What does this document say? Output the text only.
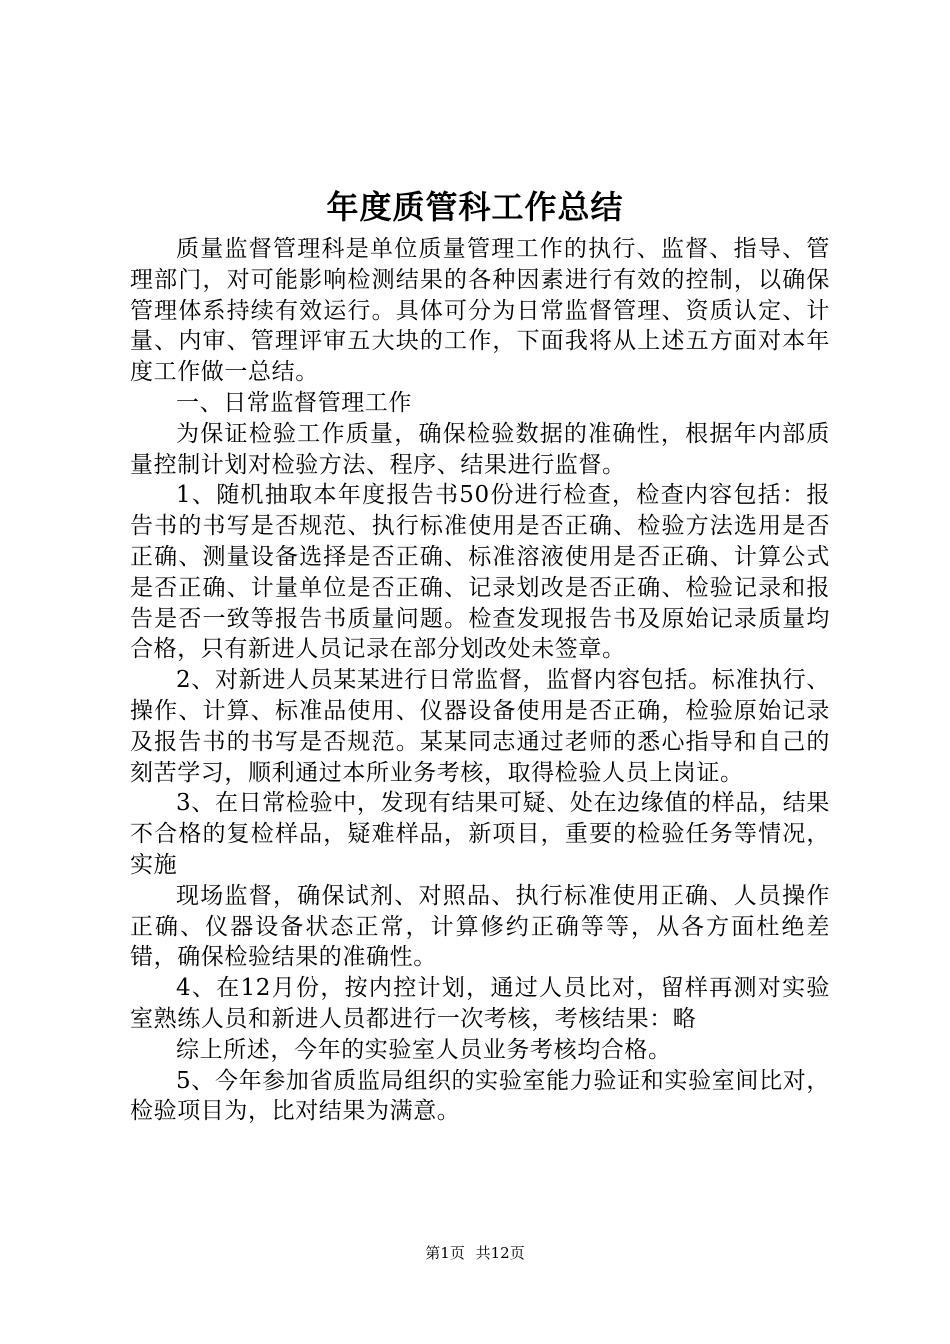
年度质管科工作总结

质量监督管理科是单位质量管理工作的执行、监督、指导、管理部门，对可能影响检测结果的各种因素进行有效的控制，以确保管理体系持续有效运行。具体可分为日常监督管理、资质认定、计量、内审、管理评审五大块的工作，下面我将从上述五方面对本年度工作做一总结。

一、日常监督管理工作

为保证检验工作质量，确保检验数据的准确性，根据年内部质量控制计划对检验方法、程序、结果进行监督。

1、随机抽取本年度报告书50份进行检查，检查内容包括：报告书的书写是否规范、执行标准使用是否正确、检验方法选用是否正确、测量设备选择是否正确、标准溶液使用是否正确、计算公式是否正确、计量单位是否正确、记录划改是否正确、检验记录和报告是否一致等报告书质量问题。检查发现报告书及原始记录质量均合格，只有新进人员记录在部分划改处未签章。

2、对新进人员某某进行日常监督，监督内容包括。标准执行、操作、计算、标准品使用、仪器设备使用是否正确，检验原始记录及报告书的书写是否规范。某某同志通过老师的悉心指导和自己的刻苦学习，顺利通过本所业务考核，取得检验人员上岗证。

3、在日常检验中，发现有结果可疑、处在边缘值的样品，结果不合格的复检样品，疑难样品，新项目，重要的检验任务等情况，实施

现场监督，确保试剂、对照品、执行标准使用正确、人员操作正确、仪器设备状态正常，计算修约正确等等，从各方面杜绝差错，确保检验结果的准确性。

4、在12月份，按内控计划，通过人员比对，留样再测对实验室熟练人员和新进人员都进行一次考核，考核结果：略

综上所述，今年的实验室人员业务考核均合格。

5、今年参加省质监局组织的实验室能力验证和实验室间比对，检验项目为，比对结果为满意。

第1页 共12页
